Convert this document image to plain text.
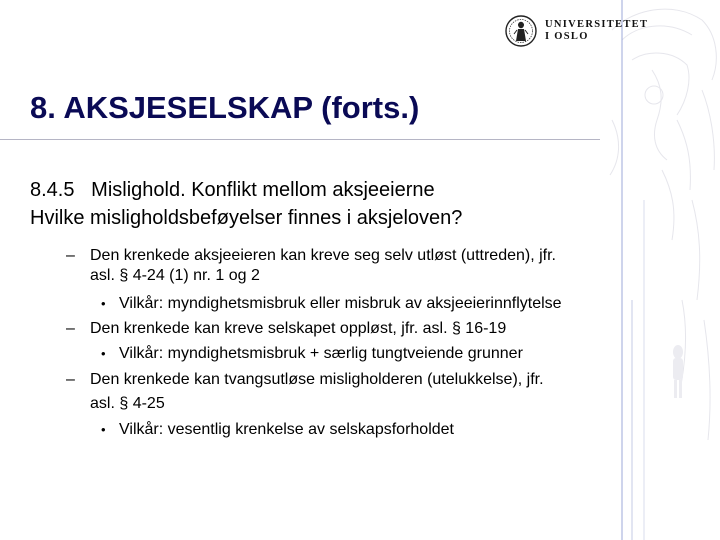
UNIVERSITETET
I OSLO
8. AKSJESELSKAP (forts.)
8.4.5 Mislighold. Konflikt mellom aksjeeierne
Hvilke misligholdsbeføyelser finnes i aksjeloven?
– Den krenkede aksjeeieren kan kreve seg selv utløst (uttreden), jfr.
asl. § 4-24 (1) nr. 1 og 2
• Vilkår: myndighetsmisbruk eller misbruk av aksjeeierinnflytelse
– Den krenkede kan kreve selskapet oppløst, jfr. asl. § 16-19
• Vilkår: myndighetsmisbruk + særlig tungtveiende grunner
– Den krenkede kan tvangsutløse misligholderen (utelukkelse), jfr.
asl. § 4-25
• Vilkår: vesentlig krenkelse av selskapsforholdet
